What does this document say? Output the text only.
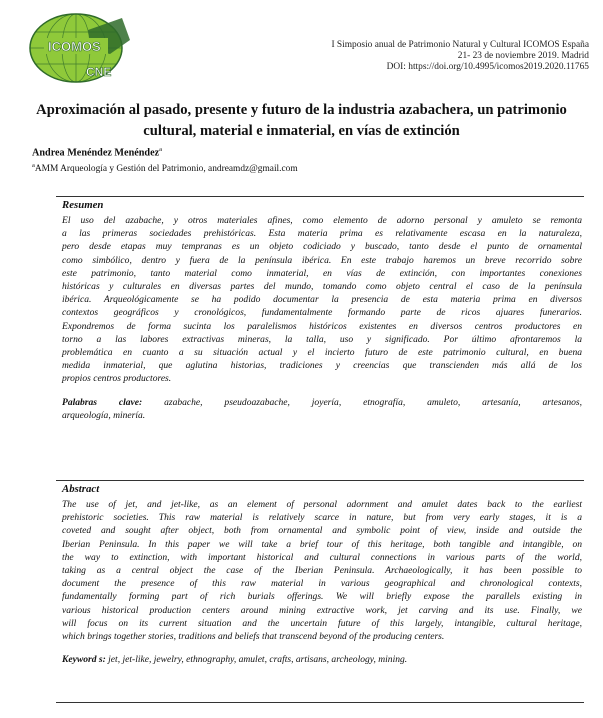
ICOMOS
CNE
I Simposio anual de Patrimonio Natural y Cultural ICOMOS España
21- 23 de noviembre 2019. Madrid
DOI: https://doi.org/10.4995/icomos2019.2020.11765
Aproximación al pasado, presente y futuro de la industria azabachera, un patrimonio
cultural, material e inmaterial, en vías de extinción
Andrea Menéndez Menéndez$^a$
$^a$AMM Arqueología y Gestión del Patrimonio, andreamdz@gmail.com
Resumen
El uso del azabache, y otros materiales afines, como elemento de adorno personal y amuleto se remonta
a las primeras sociedades prehistóricas. Esta materia prima es relativamente escasa en la naturaleza,
pero desde etapas muy tempranas es un objeto codiciado y buscado, tanto desde el punto de ornamental
como simbólico, dentro y fuera de la península ibérica. En este trabajo haremos un breve recorrido sobre
este patrimonio, tanto material como inmaterial, en vías de extinción, con importantes conexiones
históricas y culturales en diversas partes del mundo, tomando como objeto central el caso de la península
ibérica. Arqueológicamente se ha podido documentar la presencia de esta materia prima en diversos
contextos geográficos y cronológicos, fundamentalmente formando parte de ricos ajuares funerarios.
Expondremos de forma sucinta los paralelismos históricos existentes en diversos centros productores en
torno a las labores extractivas mineras, la talla, uso y significado. Por último afrontaremos la
problemática en cuanto a su situación actual y el incierto futuro de este patrimonio cultural, en buena
medida inmaterial, que aglutina historias, tradiciones y creencias que transcienden más allá de los
propios centros productores.
Palabras clave: azabache, pseudoazabache, joyería, etnografía, amuleto, artesanía, artesanos,
arqueología, minería.
Abstract
The use of jet, and jet-like, as an element of personal adornment and amulet dates back to the earliest
prehistoric societies. This raw material is relatively scarce in nature, but from very early stages, it is a
coveted and sought after object, both from ornamental and symbolic point of view, inside and outside the
Iberian Peninsula. In this paper we will take a brief tour of this heritage, both tangible and intangible, on
the way to extinction, with important historical and cultural connections in various parts of the world,
taking as a central object the case of the Iberian Peninsula. Archaeologically, it has been possible to
document the presence of this raw material in various geographical and chronological contexts,
fundamentally forming part of rich burials offerings. We will briefly expose the parallels existing in
various historical production centers around mining extractive work, jet carving and its use. Finally, we
will focus on its current situation and the uncertain future of this largely, intangible, cultural heritage,
which brings together stories, traditions and beliefs that transcend beyond of the producing centers.
Keyword s: jet, jet-like, jewelry, ethnography, amulet, crafts, artisans, archeology, mining.
